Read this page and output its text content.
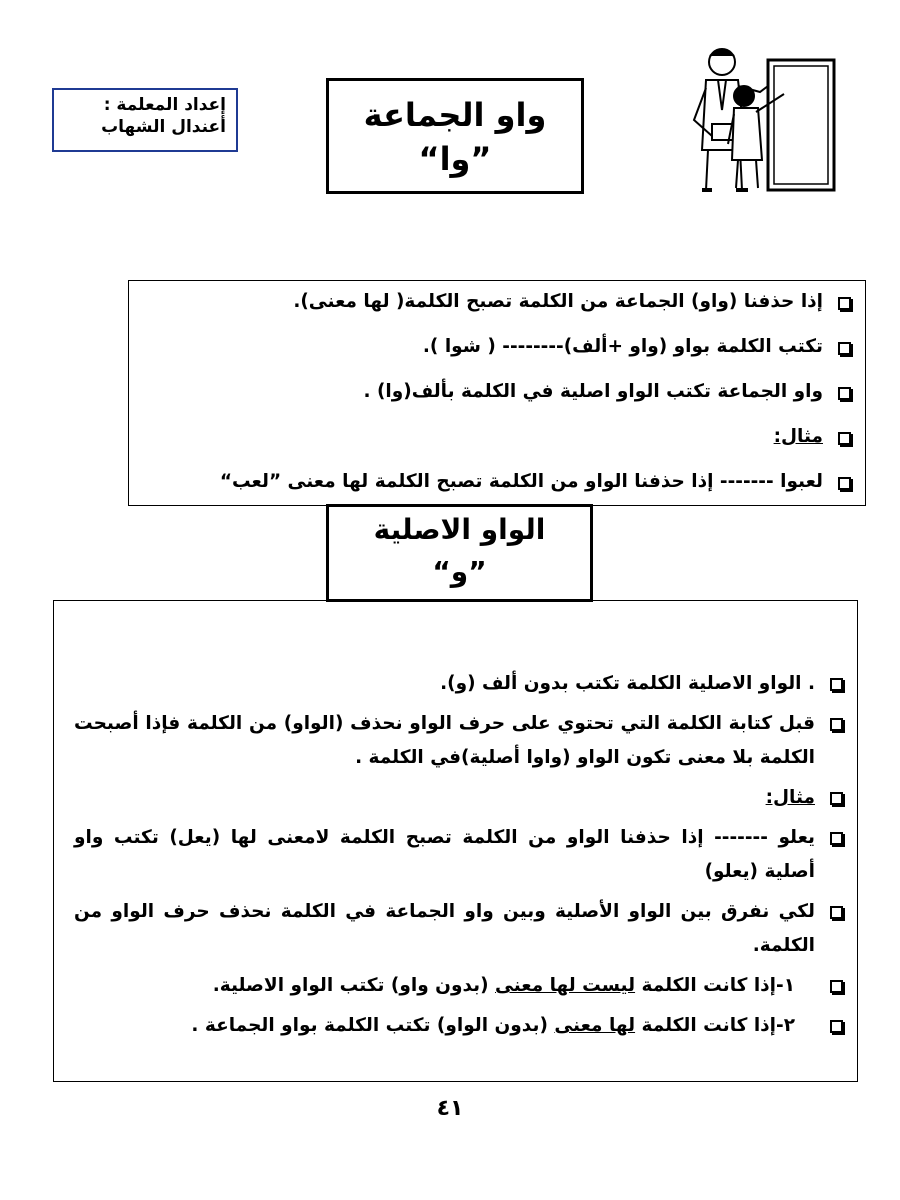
إعداد المعلمة :
أعندال الشهاب	واو الجماعة
”وا“
إذا حذفنا (واو) الجماعة من الكلمة تصبح الكلمة( لها معنى).
تكتب الكلمة بواو (واو +ألف)-------- ( شوا ).
واو الجماعة تكتب الواو اصلية في الكلمة بألف(وا) .
مثال:
لعبوا ------- إذا حذفنا الواو من الكلمة تصبح الكلمة لها معنى ”لعب“
الواو الاصلية
”و“
. الواو الاصلية الكلمة تكتب بدون ألف (و).
قبل كتابة الكلمة التي تحتوي على حرف الواو نحذف (الواو) من الكلمة فإذا أصبحت الكلمة بلا معنى تكون الواو (واوا أصلية)في الكلمة .
مثال:
يعلو ------- إذا حذفنا الواو من الكلمة تصبح الكلمة لامعنى لها (يعل) تكتب واو أصلية (يعلو)
لكي نفرق بين الواو الأصلية وبين واو الجماعة في الكلمة نحذف حرف الواو من الكلمة.
١-إذا كانت الكلمة ليست لها معنى (بدون واو) تكتب الواو الاصلية.
٢-إذا كانت الكلمة لها معنى (بدون الواو) تكتب الكلمة بواو الجماعة .
٤١
